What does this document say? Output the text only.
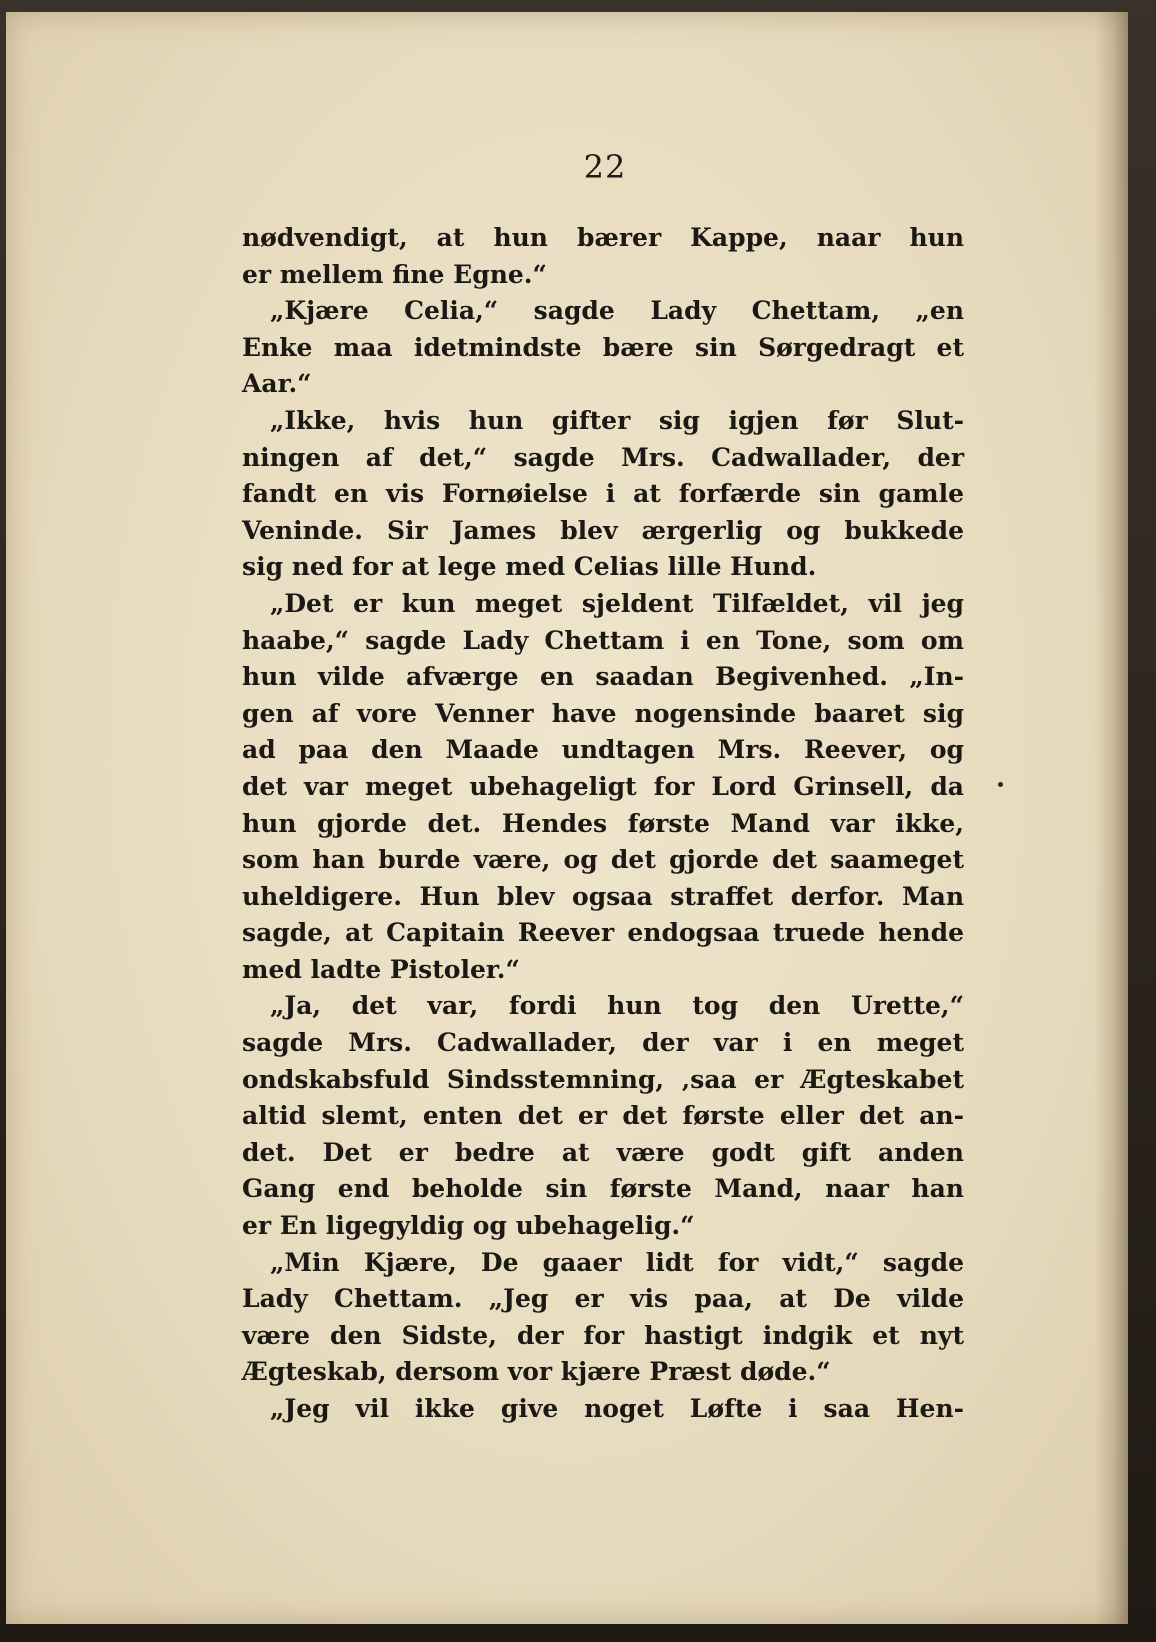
22
nødvendigt, at hun bærer Kappe, naar hun
er mellem fine Egne.“
„Kjære Celia,“ sagde Lady Chettam, „en
Enke maa idetmindste bære sin Sørgedragt et
Aar.“
„Ikke, hvis hun gifter sig igjen før Slut-
ningen af det,“ sagde Mrs. Cadwallader, der
fandt en vis Fornøielse i at forfærde sin gamle
Veninde. Sir James blev ærgerlig og bukkede
sig ned for at lege med Celias lille Hund.
„Det er kun meget sjeldent Tilfældet, vil jeg
haabe,“ sagde Lady Chettam i en Tone, som om
hun vilde afværge en saadan Begivenhed. „In-
gen af vore Venner have nogensinde baaret sig
ad paa den Maade undtagen Mrs. Reever, og
det var meget ubehageligt for Lord Grinsell, da
hun gjorde det. Hendes første Mand var ikke,
som han burde være, og det gjorde det saameget
uheldigere. Hun blev ogsaa straffet derfor. Man
sagde, at Capitain Reever endogsaa truede hende
med ladte Pistoler.“
„Ja, det var, fordi hun tog den Urette,“
sagde Mrs. Cadwallader, der var i en meget
ondskabsfuld Sindsstemning, ‚saa er Ægteskabet
altid slemt, enten det er det første eller det an-
det. Det er bedre at være godt gift anden
Gang end beholde sin første Mand, naar han
er En ligegyldig og ubehagelig.“
„Min Kjære, De gaaer lidt for vidt,“ sagde
Lady Chettam. „Jeg er vis paa, at De vilde
være den Sidste, der for hastigt indgik et nyt
Ægteskab, dersom vor kjære Præst døde.“
„Jeg vil ikke give noget Løfte i saa Hen-
